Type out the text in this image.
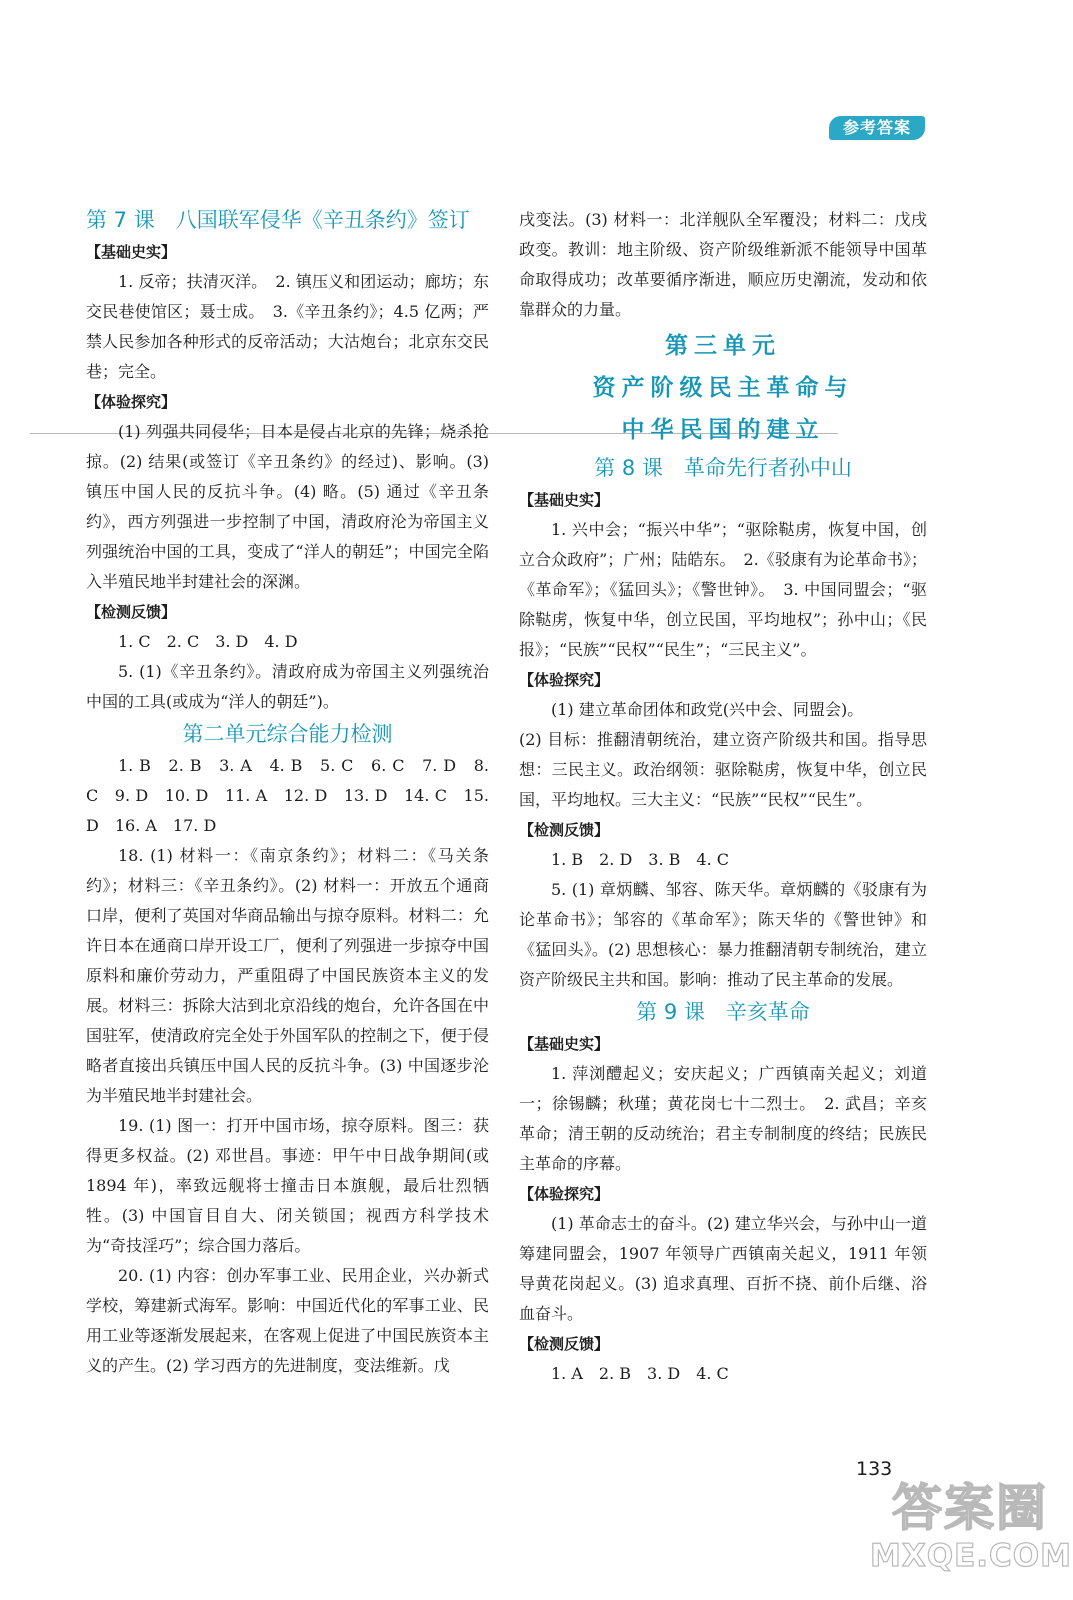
参考答案

第 7 课　八国联军侵华《辛丑条约》签订

【基础史实】

1. 反帝；扶清灭洋。　2. 镇压义和团运动；廊坊；东交民巷使馆区；聂士成。　3.《辛丑条约》；4.5 亿两；严禁人民参加各种形式的反帝活动；大沽炮台；北京东交民巷；完全。

【体验探究】

(1) 列强共同侵华；日本是侵占北京的先锋；烧杀抢掠。(2) 结果(或签订《辛丑条约》的经过)、影响。(3) 镇压中国人民的反抗斗争。(4) 略。(5) 通过《辛丑条约》，西方列强进一步控制了中国，清政府沦为帝国主义列强统治中国的工具，变成了“洋人的朝廷”；中国完全陷入半殖民地半封建社会的深渊。

【检测反馈】

1. C　2. C　3. D　4. D

5. (1)《辛丑条约》。清政府成为帝国主义列强统治中国的工具(或成为“洋人的朝廷”)。

第二单元综合能力检测

1. B　2. B　3. A　4. B　5. C　6. C　7. D　8. C　9. D　10. D　11. A　12. D　13. D　14. C　15. D　16. A　17. D

18. (1) 材料一：《南京条约》；材料二：《马关条约》；材料三：《辛丑条约》。(2) 材料一：开放五个通商口岸，便利了英国对华商品输出与掠夺原料。材料二：允许日本在通商口岸开设工厂，便利了列强进一步掠夺中国原料和廉价劳动力，严重阻碍了中国民族资本主义的发展。材料三：拆除大沽到北京沿线的炮台，允许各国在中国驻军，使清政府完全处于外国军队的控制之下，便于侵略者直接出兵镇压中国人民的反抗斗争。(3) 中国逐步沦为半殖民地半封建社会。

19. (1) 图一：打开中国市场，掠夺原料。图三：获得更多权益。(2) 邓世昌。事迹：甲午中日战争期间(或 1894 年)，率致远舰将士撞击日本旗舰，最后壮烈牺牲。(3) 中国盲目自大、闭关锁国；视西方科学技术为“奇技淫巧”；综合国力落后。

20. (1) 内容：创办军事工业、民用企业，兴办新式学校，筹建新式海军。影响：中国近代化的军事工业、民用工业等逐渐发展起来，在客观上促进了中国民族资本主义的产生。(2) 学习西方的先进制度，变法维新。戊

戌变法。(3) 材料一：北洋舰队全军覆没；材料二：戊戌政变。教训：地主阶级、资产阶级维新派不能领导中国革命取得成功；改革要循序渐进，顺应历史潮流，发动和依靠群众的力量。

第三单元

资产阶级民主革命与

中华民国的建立

第 8 课　革命先行者孙中山

【基础史实】

1. 兴中会；“振兴中华”；“驱除鞑虏，恢复中国，创立合众政府”；广州；陆皓东。　2.《驳康有为论革命书》；《革命军》；《猛回头》；《警世钟》。　3. 中国同盟会；“驱除鞑虏，恢复中华，创立民国，平均地权”；孙中山；《民报》；“民族”“民权”“民生”；“三民主义”。

【体验探究】

(1) 建立革命团体和政党(兴中会、同盟会)。

(2) 目标：推翻清朝统治，建立资产阶级共和国。指导思想：三民主义。政治纲领：驱除鞑虏，恢复中华，创立民国，平均地权。三大主义：“民族”“民权”“民生”。

【检测反馈】

1. B　2. D　3. B　4. C

5. (1) 章炳麟、邹容、陈天华。章炳麟的《驳康有为论革命书》；邹容的《革命军》；陈天华的《警世钟》和《猛回头》。(2) 思想核心：暴力推翻清朝专制统治，建立资产阶级民主共和国。影响：推动了民主革命的发展。

第 9 课　辛亥革命

【基础史实】

1. 萍浏醴起义；安庆起义；广西镇南关起义；刘道一；徐锡麟；秋瑾；黄花岗七十二烈士。　2. 武昌；辛亥革命；清王朝的反动统治；君主专制制度的终结；民族民主革命的序幕。

【体验探究】

(1) 革命志士的奋斗。(2) 建立华兴会，与孙中山一道筹建同盟会，1907 年领导广西镇南关起义，1911 年领导黄花岗起义。(3) 追求真理、百折不挠、前仆后继、浴血奋斗。

【检测反馈】

1. A　2. B　3. D　4. C

133
答案圈
MXQE.COM
